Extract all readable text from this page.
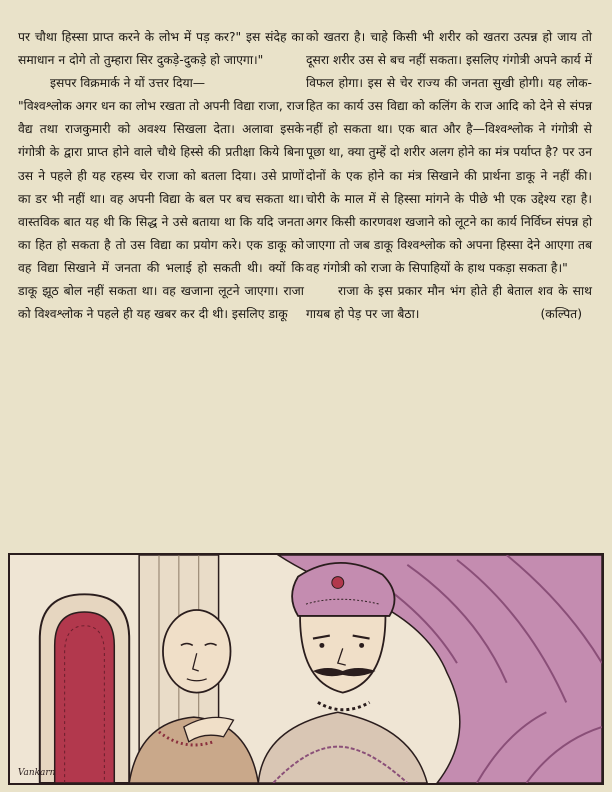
पर चौथा हिस्सा प्राप्त करने के लोभ में पड़ कर?" इस संदेह का समाधान न दोगे तो तुम्हारा सिर दुकड़े-दुकड़े हो जाएगा।"

इसपर विक्रमार्क ने यों उत्तर दिया—

"विश्वश्लोक अगर धन का लोभ रखता तो अपनी विद्या राजा, राज वैद्य तथा राजकुमारी को अवश्य सिखला देता। अलावा इसके गंगोत्री के द्वारा प्राप्त होने वाले चौथे हिस्से की प्रतीक्षा किये बिना उस ने पहले ही यह रहस्य चेर राजा को बतला दिया। उसे प्राणों का डर भी नहीं था। वह अपनी विद्या के बल पर बच सकता था। वास्तविक बात यह थी कि सिद्ध ने उसे बताया था कि यदि जनता का हित हो सकता है तो उस विद्या का प्रयोग करे। एक डाकू को वह विद्या सिखाने में जनता की भलाई हो सकती थी। क्यों कि डाकू झूठ बोल नहीं सकता था। वह खजाना लूटने जाएगा। राजा को विश्वश्लोक ने पहले ही यह खबर कर दी थी। इसलिए डाकू

को खतरा है। चाहे किसी भी शरीर को खतरा उत्पन्न हो जाय तो दूसरा शरीर उस से बच नहीं सकता। इसलिए गंगोत्री अपने कार्य में विफल होगा। इस से चेर राज्य की जनता सुखी होगी। यह लोक-हित का कार्य उस विद्या को कलिंग के राज आदि को देने से संपन्न नहीं हो सकता था। एक बात और है—विश्वश्लोक ने गंगोत्री से पूछा था, क्या तुम्हें दो शरीर अलग होने का मंत्र पर्याप्त है? पर उन दोनों के एक होने का मंत्र सिखाने की प्रार्थना डाकू ने नहीं की। चोरी के माल में से हिस्सा मांगने के पीछे भी एक उद्देश्य रहा है। अगर किसी कारणवश खजाने को लूटने का कार्य निर्विघ्न संपन्न हो जाएगा तो जब डाकू विश्वश्लोक को अपना हिस्सा देने आएगा तब वह गंगोत्री को राजा के सिपाहियों के हाथ पकड़ा सकता है।"

राजा के इस प्रकार मौन भंग होते ही बेताल शव के साथ गायब हो पेड़ पर जा बैठा।	(कल्पित)
Vankarn
